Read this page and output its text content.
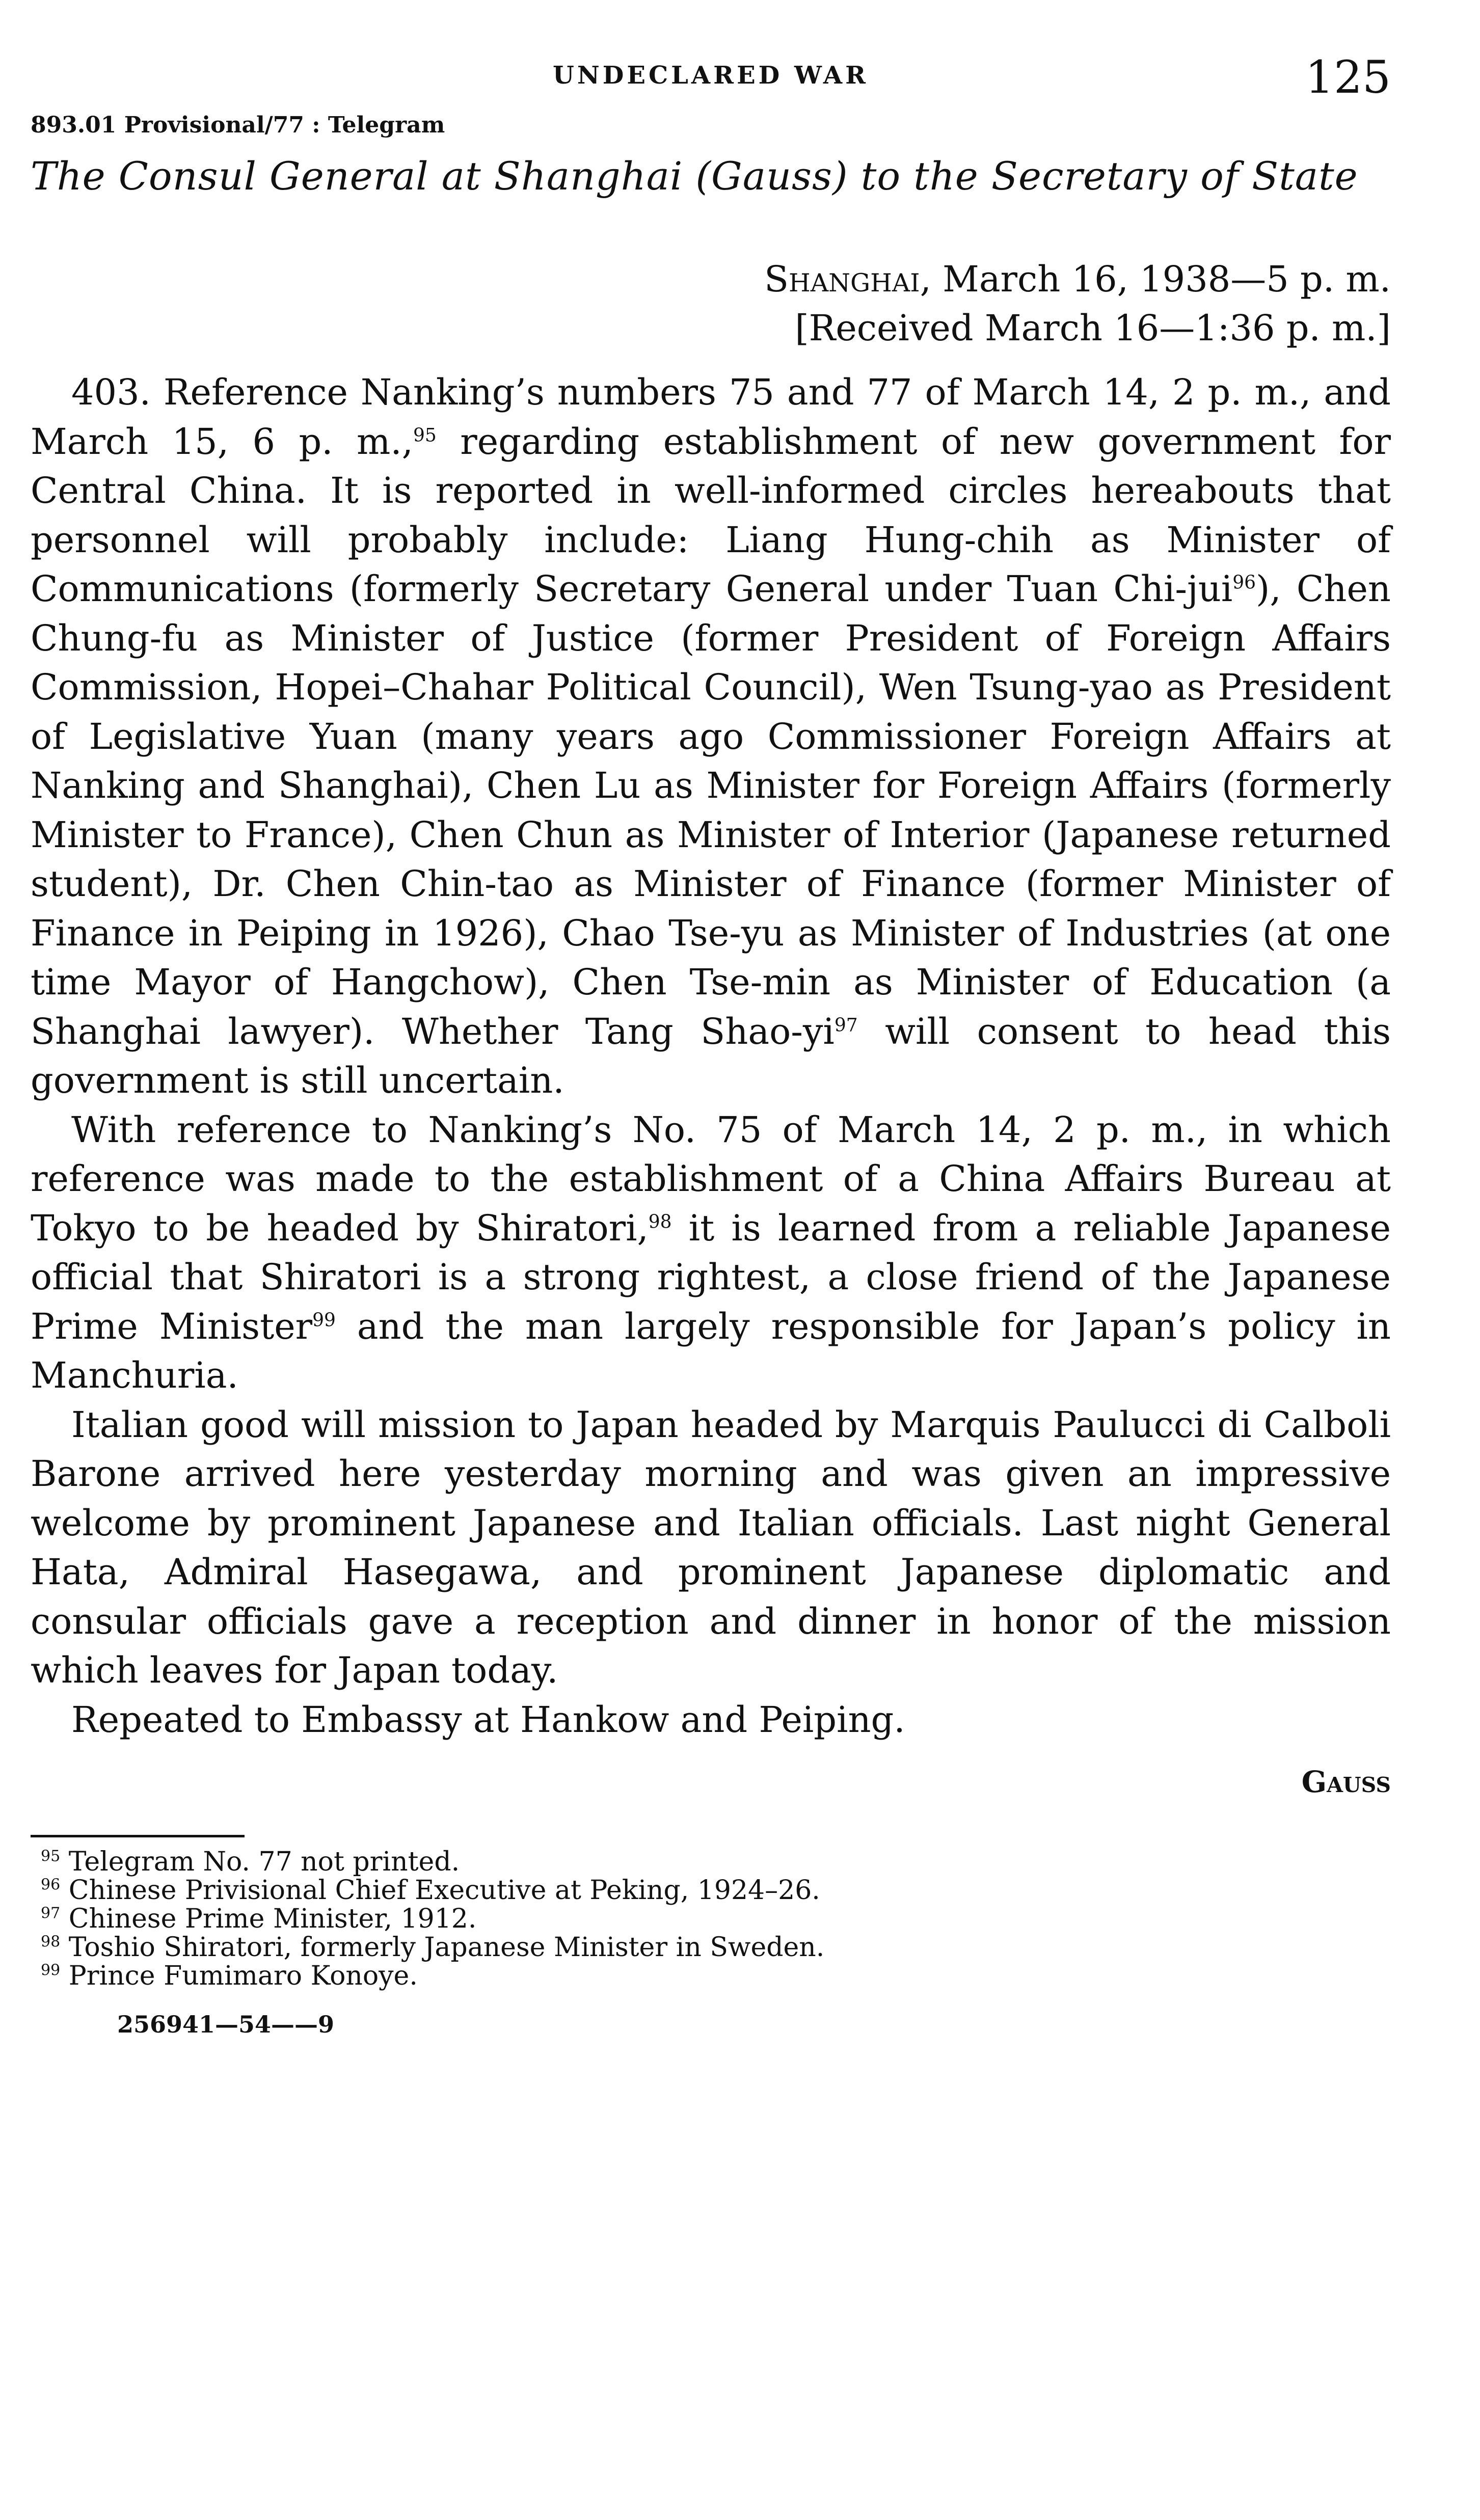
UNDECLARED WAR	125
893.01 Provisional/77 : Telegram
The Consul General at Shanghai (Gauss) to the Secretary of State
Shanghai, March 16, 1938—5 p. m.
[Received March 16—1:36 p. m.]

403. Reference Nanking’s numbers 75 and 77 of March 14, 2 p. m., and March 15, 6 p. m.,$^{95}$ regarding establishment of new government for Central China. It is reported in well-informed circles hereabouts that personnel will probably include: Liang Hung-chih as Minister of Communications (formerly Secretary General under Tuan Chi-jui$^{96}$), Chen Chung-fu as Minister of Justice (former President of Foreign Affairs Commission, Hopei–Chahar Political Council), Wen Tsung-yao as President of Legislative Yuan (many years ago Commissioner Foreign Affairs at Nanking and Shanghai), Chen Lu as Minister for Foreign Affairs (formerly Minister to France), Chen Chun as Minister of Interior (Japanese returned student), Dr. Chen Chin-tao as Minister of Finance (former Minister of Finance in Peiping in 1926), Chao Tse-yu as Minister of Industries (at one time Mayor of Hangchow), Chen Tse-min as Minister of Education (a Shanghai lawyer). Whether Tang Shao-$yi^{97}$ will consent to head this government is still uncertain.

With reference to Nanking’s No. 75 of March 14, 2 p. m., in which reference was made to the establishment of a China Affairs Bureau at Tokyo to be headed by Shiratori,$^{98}$ it is learned from a reliable Japanese official that Shiratori is a strong rightest, a close friend of the Japanese Prime Minister$^{99}$ and the man largely responsible for Japan’s policy in Manchuria.

Italian good will mission to Japan headed by Marquis Paulucci di Calboli Barone arrived here yesterday morning and was given an impressive welcome by prominent Japanese and Italian officials. Last night General Hata, Admiral Hasegawa, and prominent Japanese diplomatic and consular officials gave a reception and dinner in honor of the mission which leaves for Japan today.

Repeated to Embassy at Hankow and Peiping.

Gauss
$^{95}$ Telegram No. 77 not printed.
$^{96}$ Chinese Privisional Chief Executive at Peking, 1924–26.
$^{97}$ Chinese Prime Minister, 1912.
$^{98}$ Toshio Shiratori, formerly Japanese Minister in Sweden.
$^{99}$ Prince Fumimaro Konoye.
256941—54——9
